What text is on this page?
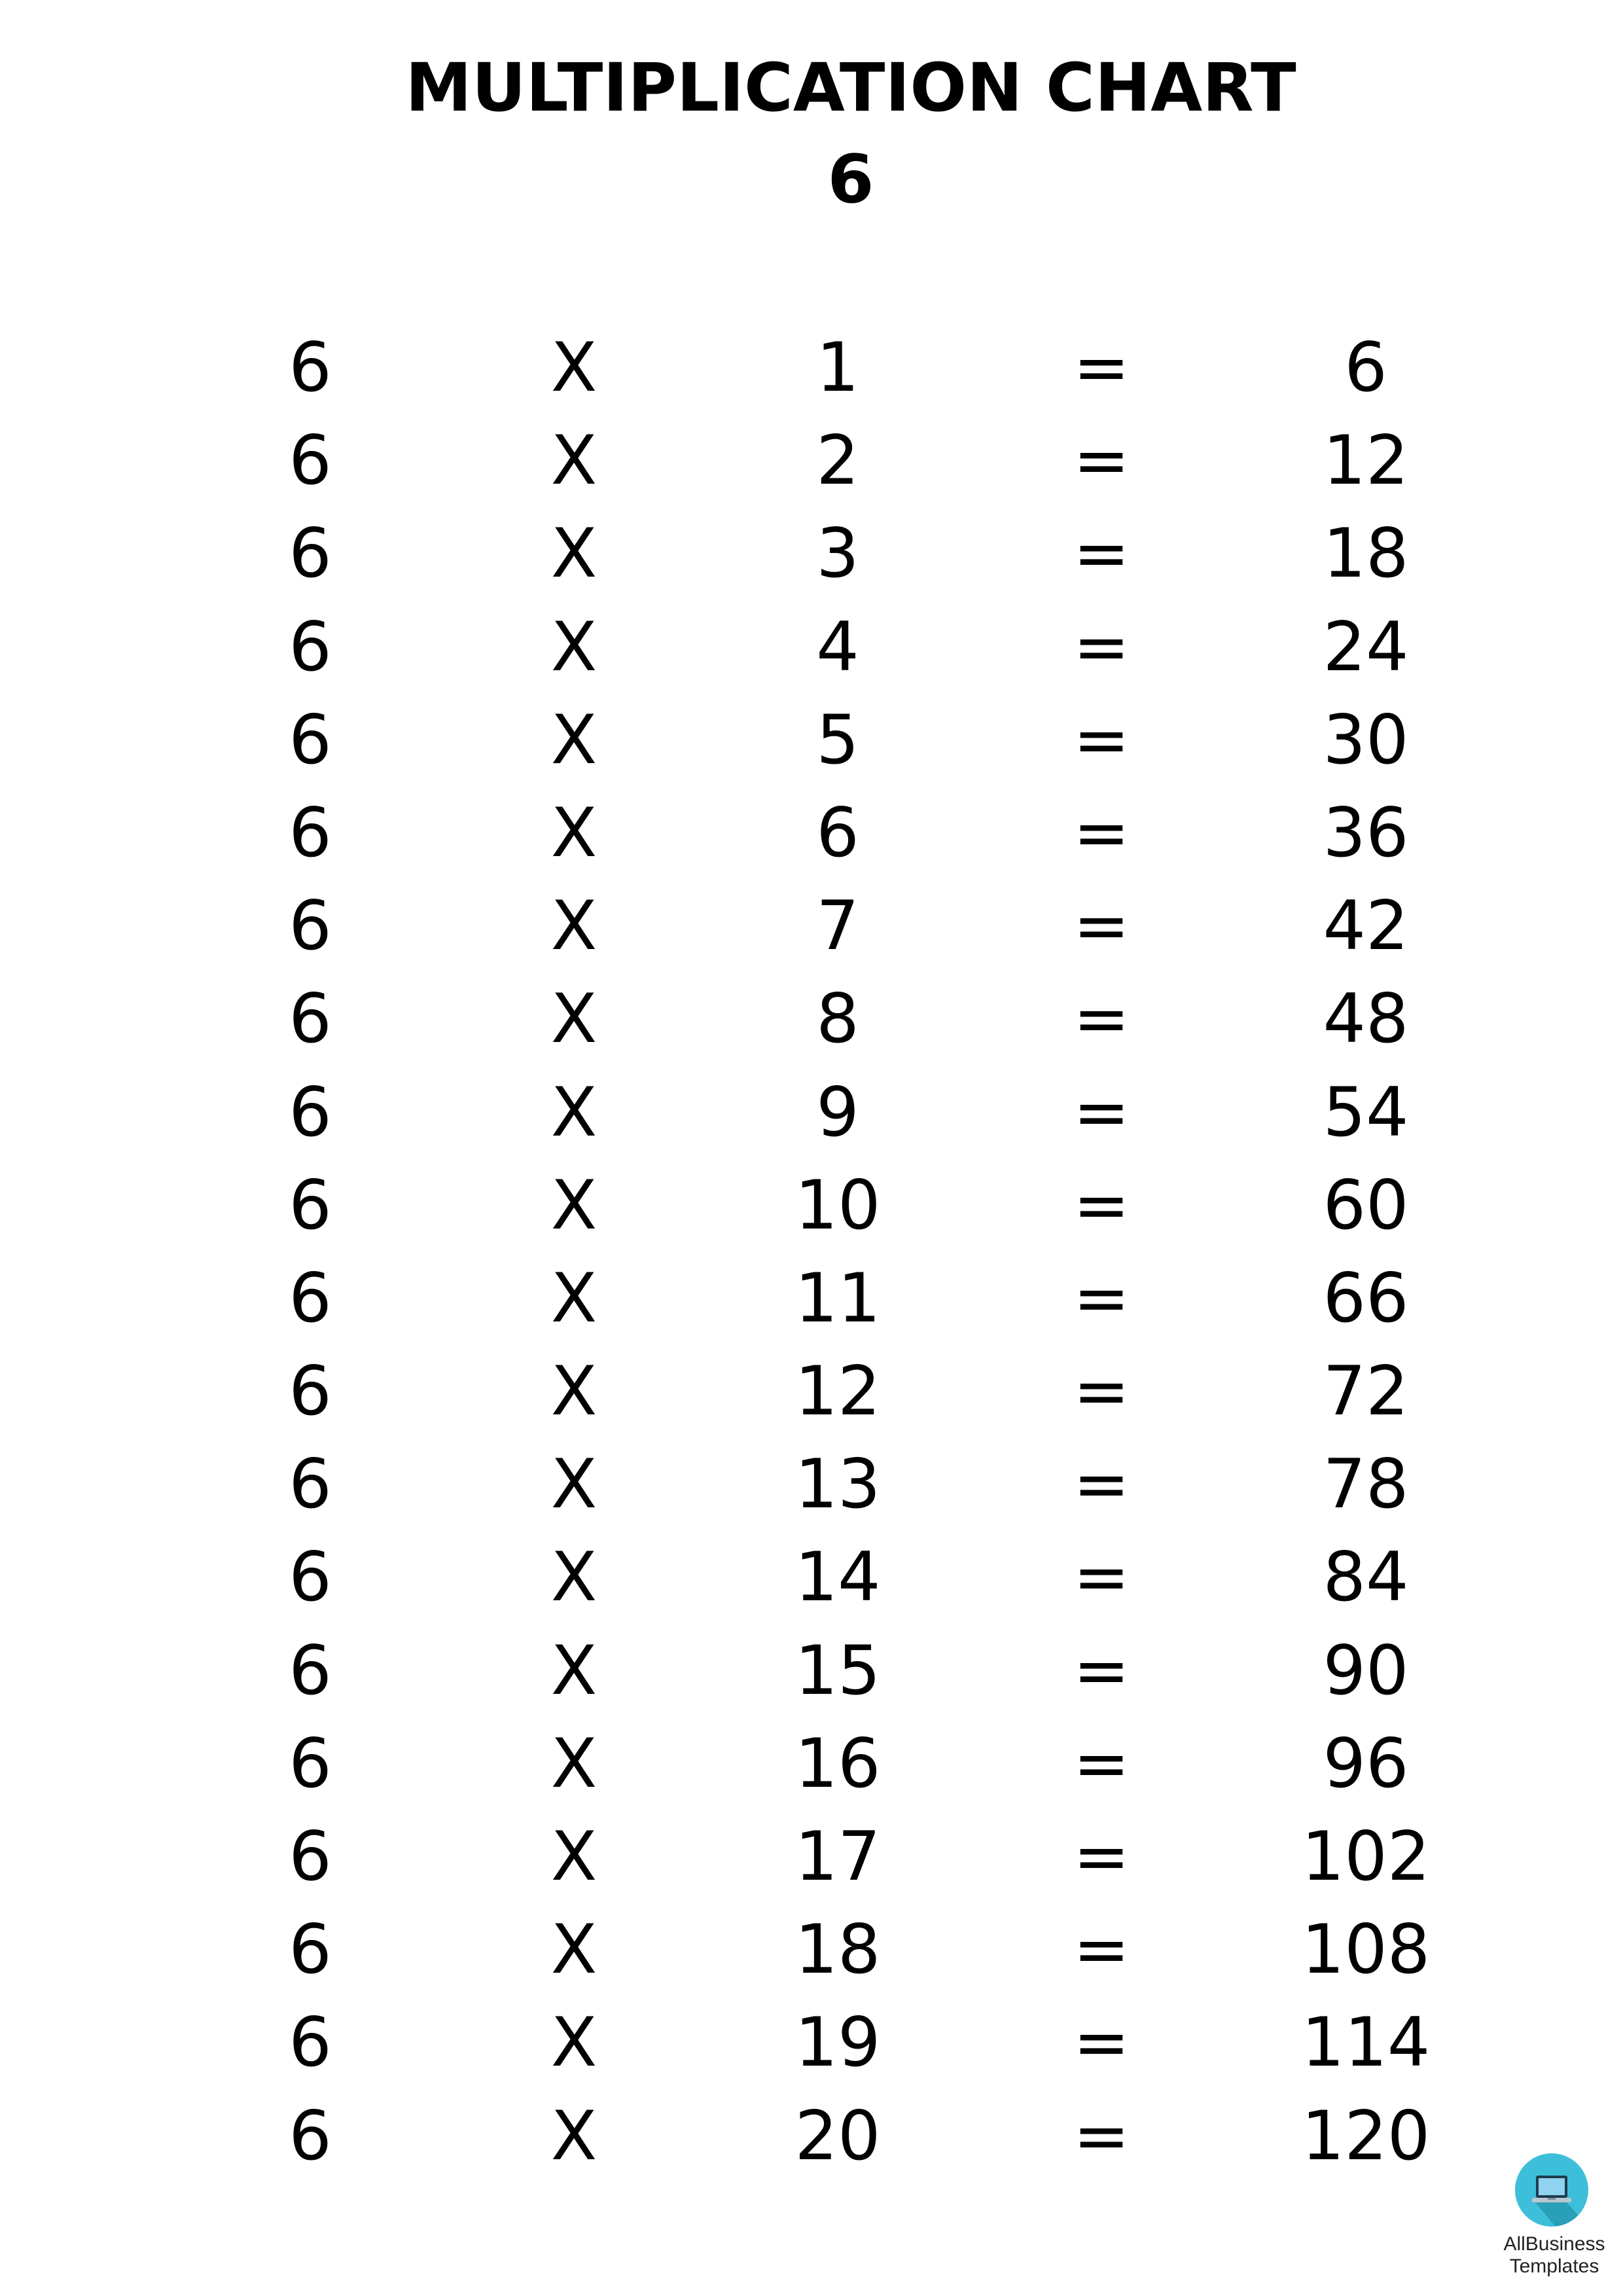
MULTIPLICATION CHART
6
6	X	1	=	6
6	X	2	=	12
6	X	3	=	18
6	X	4	=	24
6	X	5	=	30
6	X	6	=	36
6	X	7	=	42
6	X	8	=	48
6	X	9	=	54
6	X	10	=	60
6	X	11	=	66
6	X	12	=	72
6	X	13	=	78
6	X	14	=	84
6	X	15	=	90
6	X	16	=	96
6	X	17	=	102
6	X	18	=	108
6	X	19	=	114
6	X	20	=	120
AllBusiness
Templates
